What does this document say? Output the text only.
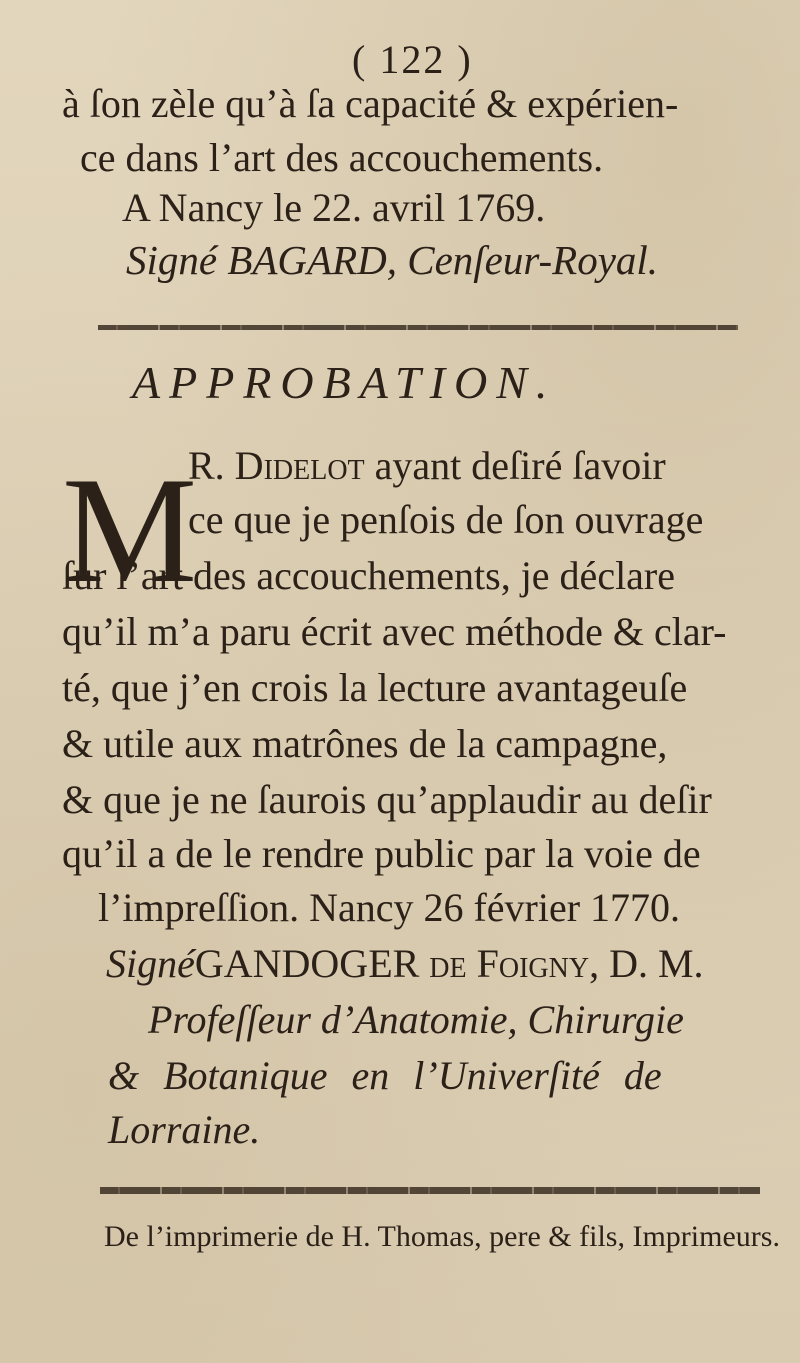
( 122 )
à ſon zèle qu’à ſa capacité & expérien-
ce dans l’art des accouchements.
A Nancy le 22. avril 1769.
Signé BAGARD, Cenſeur-Royal.
APPROBATION.
M
R. Didelot ayant deſiré ſavoir
ce que je penſois de ſon ouvrage
ſur l’art des accouchements, je déclare
qu’il m’a paru écrit avec méthode & clar-
té, que j’en crois la lecture avantageuſe
& utile aux matrônes de la campagne,
& que je ne ſaurois qu’applaudir au deſir
qu’il a de le rendre public par la voie de
l’impreſſion. Nancy 26 février 1770.
SignéGANDOGER de Foigny, D. M.
Profeſſeur d’Anatomie, Chirurgie
& Botanique en l’Univerſité de
Lorraine.
De l’imprimerie de H. Thomas, pere & fils, Imprimeurs.
